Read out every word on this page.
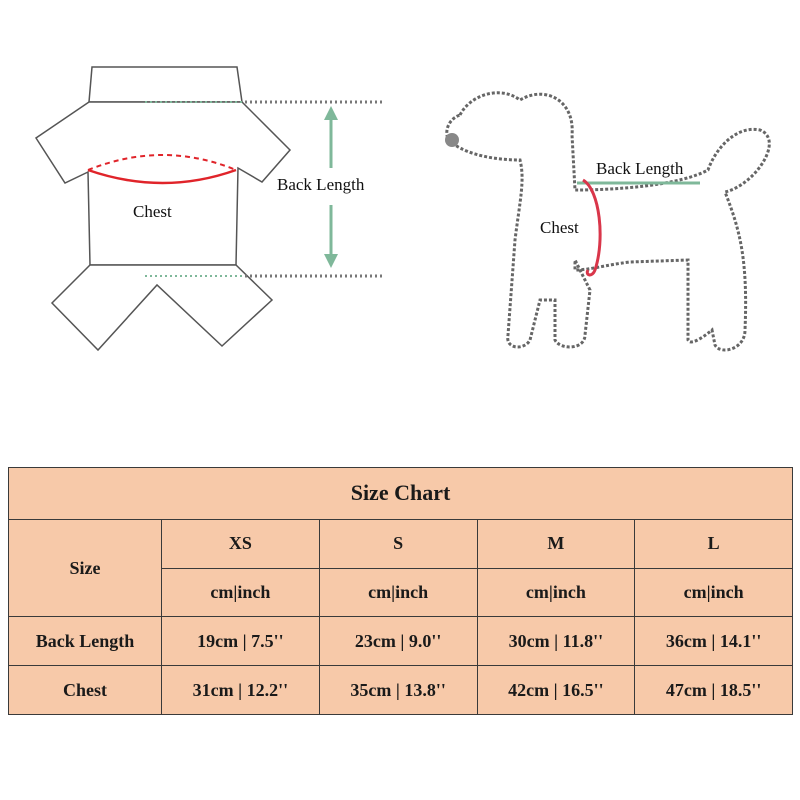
Chest
Back Length
Back Length
Chest
Size Chart				
Size	XS	S	M	L
	cm|inch	cm|inch	cm|inch	cm|inch
Back Length	19cm | 7.5''	23cm | 9.0''	30cm | 11.8''	36cm | 14.1''
Chest	31cm | 12.2''	35cm | 13.8''	42cm | 16.5''	47cm | 18.5''
